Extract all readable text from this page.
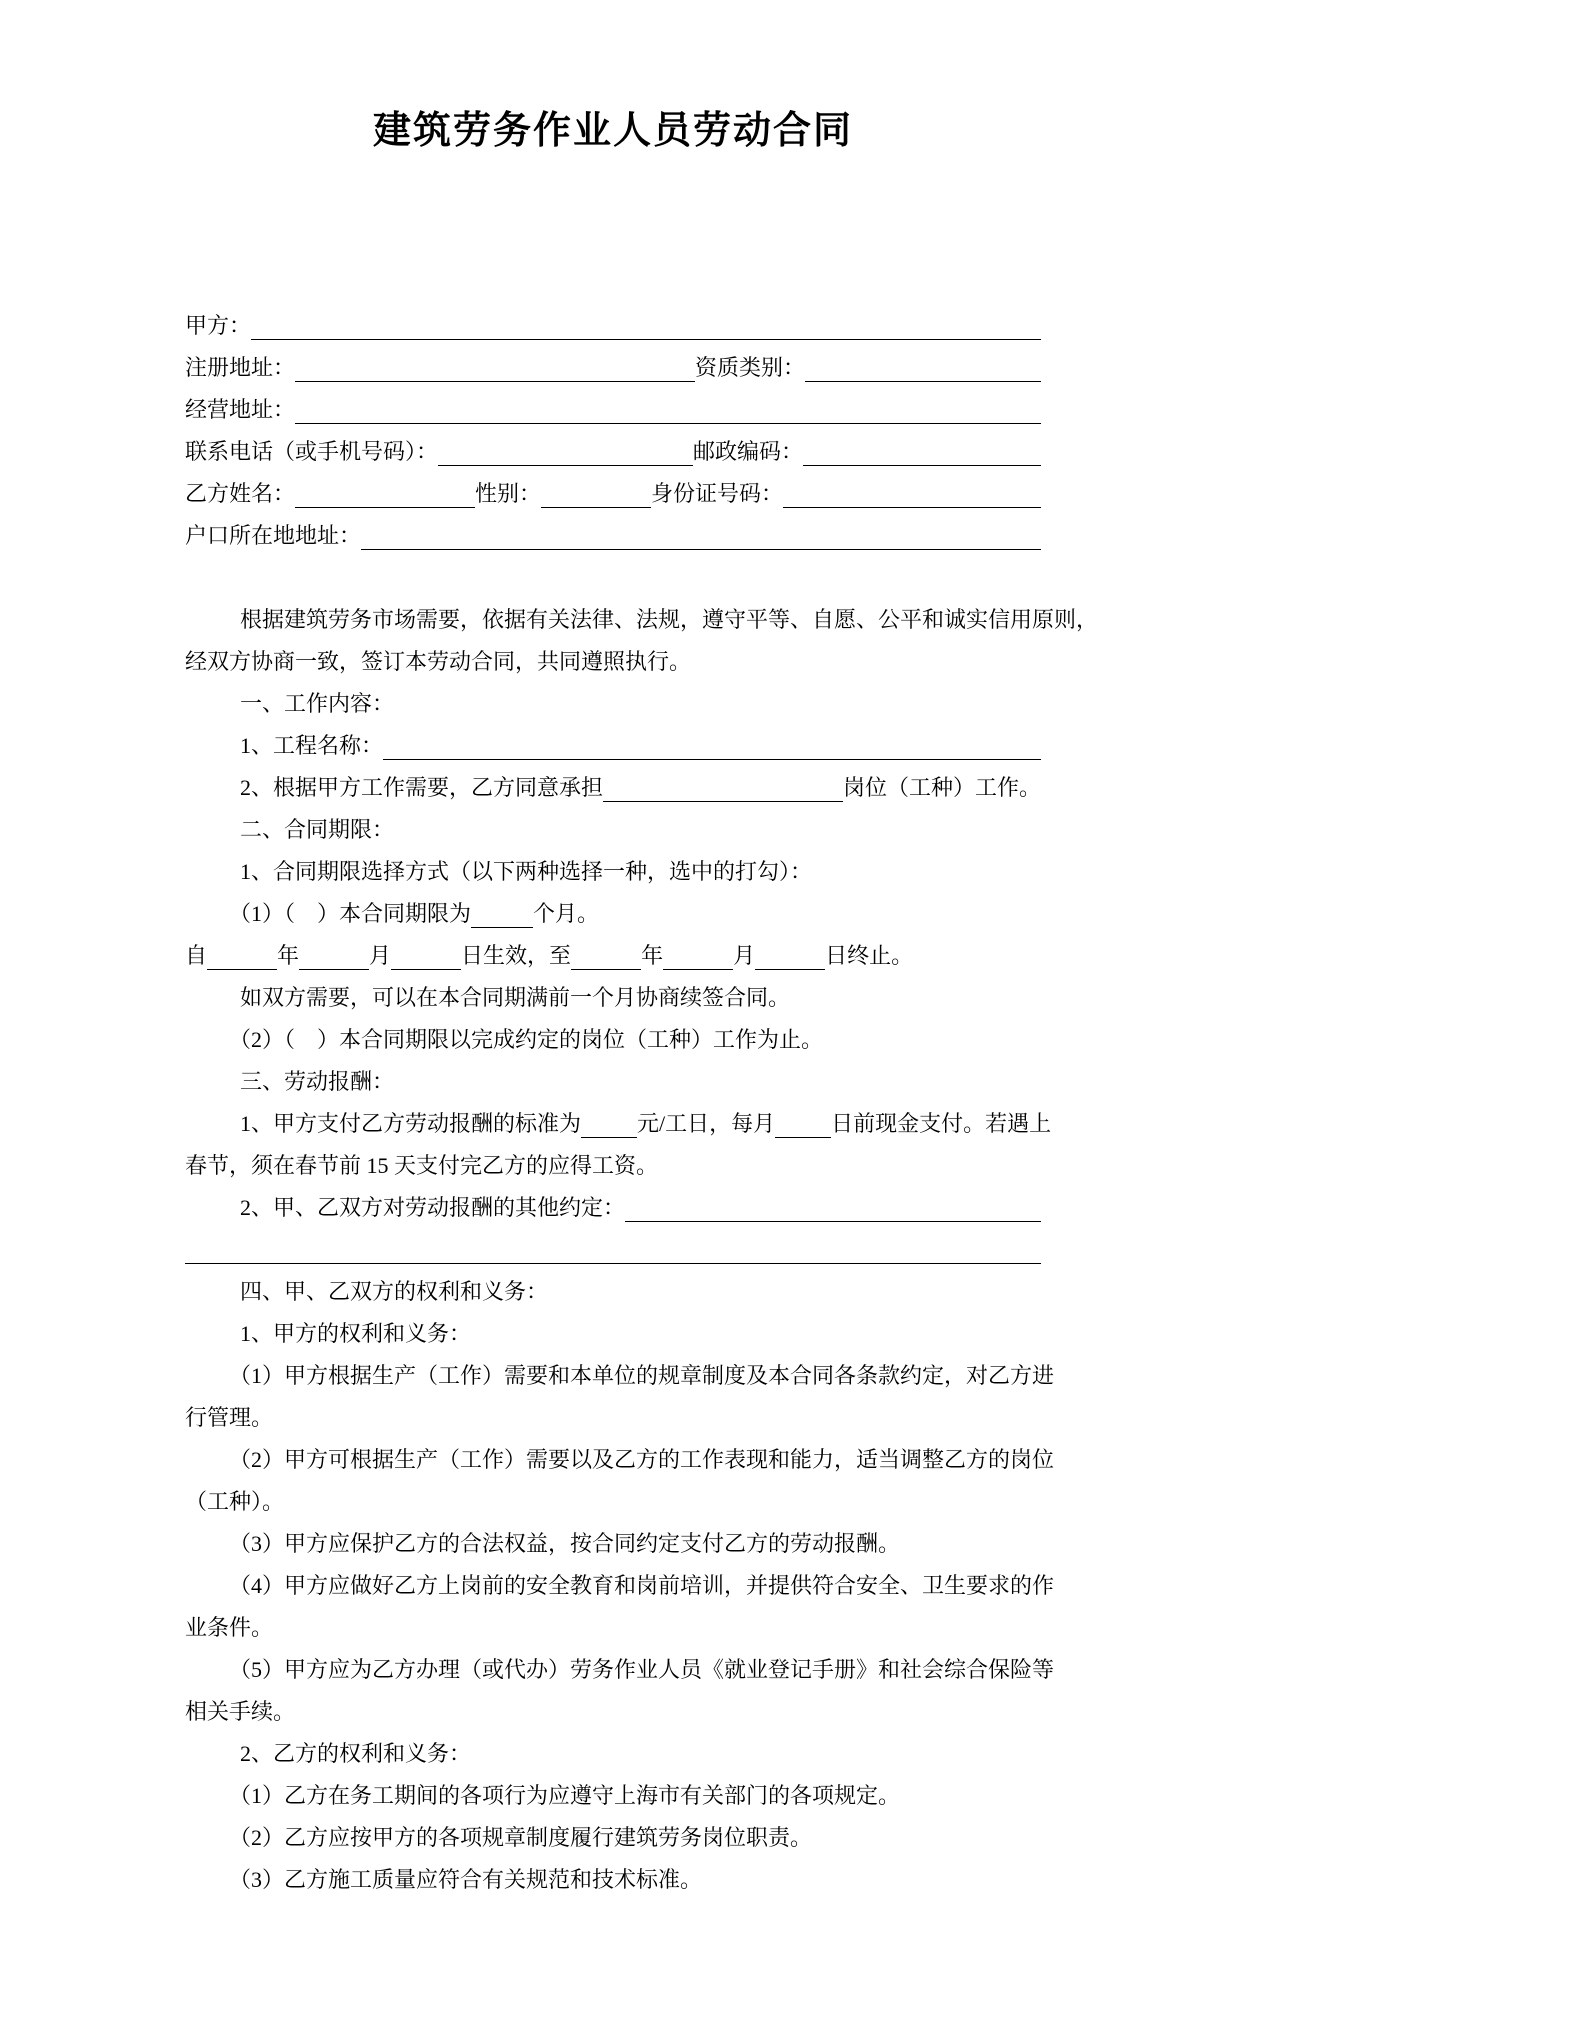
建筑劳务作业人员劳动合同
甲方：
注册地址：	资质类别：
经营地址：
联系电话（或手机号码）：	邮政编码：
乙方姓名：	性别：	身份证号码：
户口所在地地址：
根据建筑劳务市场需要，依据有关法律、法规，遵守平等、自愿、公平和诚实信用原则，
经双方协商一致，签订本劳动合同，共同遵照执行。
一、工作内容：
1、工程名称：
2、根据甲方工作需要，乙方同意承担	岗位（工种）工作。
二、合同期限：
1、合同期限选择方式（以下两种选择一种，选中的打勾）：
（1）（　）本合同期限为	个月。
自	年	月	日生效，至	年	月	日终止。
如双方需要，可以在本合同期满前一个月协商续签合同。
（2）（　）本合同期限以完成约定的岗位（工种）工作为止。
三、劳动报酬：
1、甲方支付乙方劳动报酬的标准为	元/工日，每月	日前现金支付。若遇上
春节，须在春节前 15 天支付完乙方的应得工资。
2、甲、乙双方对劳动报酬的其他约定：
四、甲、乙双方的权利和义务：
1、甲方的权利和义务：
（1）甲方根据生产（工作）需要和本单位的规章制度及本合同各条款约定，对乙方进
行管理。
（2）甲方可根据生产（工作）需要以及乙方的工作表现和能力，适当调整乙方的岗位
（工种）。
（3）甲方应保护乙方的合法权益，按合同约定支付乙方的劳动报酬。
（4）甲方应做好乙方上岗前的安全教育和岗前培训，并提供符合安全、卫生要求的作
业条件。
（5）甲方应为乙方办理（或代办）劳务作业人员《就业登记手册》和社会综合保险等
相关手续。
2、乙方的权利和义务：
（1）乙方在务工期间的各项行为应遵守上海市有关部门的各项规定。
（2）乙方应按甲方的各项规章制度履行建筑劳务岗位职责。
（3）乙方施工质量应符合有关规范和技术标准。
